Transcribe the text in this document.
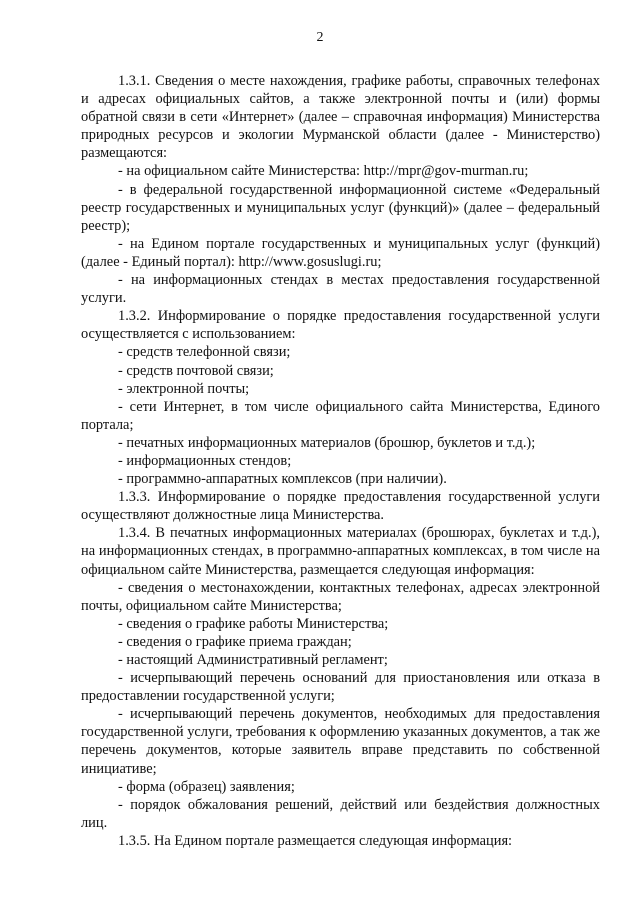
2

1.3.1. Сведения о месте нахождения, графике работы, справочных телефонах и адресах официальных сайтов, а также электронной почты и (или) формы обратной связи в сети «Интернет» (далее – справочная информация) Министерства природных ресурсов и экологии Мурманской области (далее - Министерство) размещаются:

- на официальном сайте Министерства: http://mpr@gov-murman.ru;

- в федеральной государственной информационной системе «Федеральный реестр государственных и муниципальных услуг (функций)» (далее – федеральный реестр);

- на Едином портале государственных и муниципальных услуг (функций) (далее - Единый портал): http://www.gosuslugi.ru;

- на информационных стендах в местах предоставления государственной услуги.

1.3.2. Информирование о порядке предоставления государственной услуги осуществляется с использованием:

- средств телефонной связи;

- средств почтовой связи;

- электронной почты;

- сети Интернет, в том числе официального сайта Министерства, Единого портала;

- печатных информационных материалов (брошюр, буклетов и т.д.);

- информационных стендов;

- программно-аппаратных комплексов (при наличии).

1.3.3. Информирование о порядке предоставления государственной услуги осуществляют должностные лица Министерства.

1.3.4. В печатных информационных материалах (брошюрах, буклетах и т.д.), на информационных стендах, в программно-аппаратных комплексах, в том числе на официальном сайте Министерства, размещается следующая информация:

- сведения о местонахождении, контактных телефонах, адресах электронной почты, официальном сайте Министерства;

- сведения о графике работы Министерства;

- сведения о графике приема граждан;

- настоящий Административный регламент;

- исчерпывающий перечень оснований для приостановления или отказа в предоставлении государственной услуги;

- исчерпывающий перечень документов, необходимых для предоставления государственной услуги, требования к оформлению указанных документов, а так же перечень документов, которые заявитель вправе представить по собственной инициативе;

- форма (образец) заявления;

- порядок обжалования решений, действий или бездействия должностных лиц.

1.3.5. На Едином портале размещается следующая информация:
